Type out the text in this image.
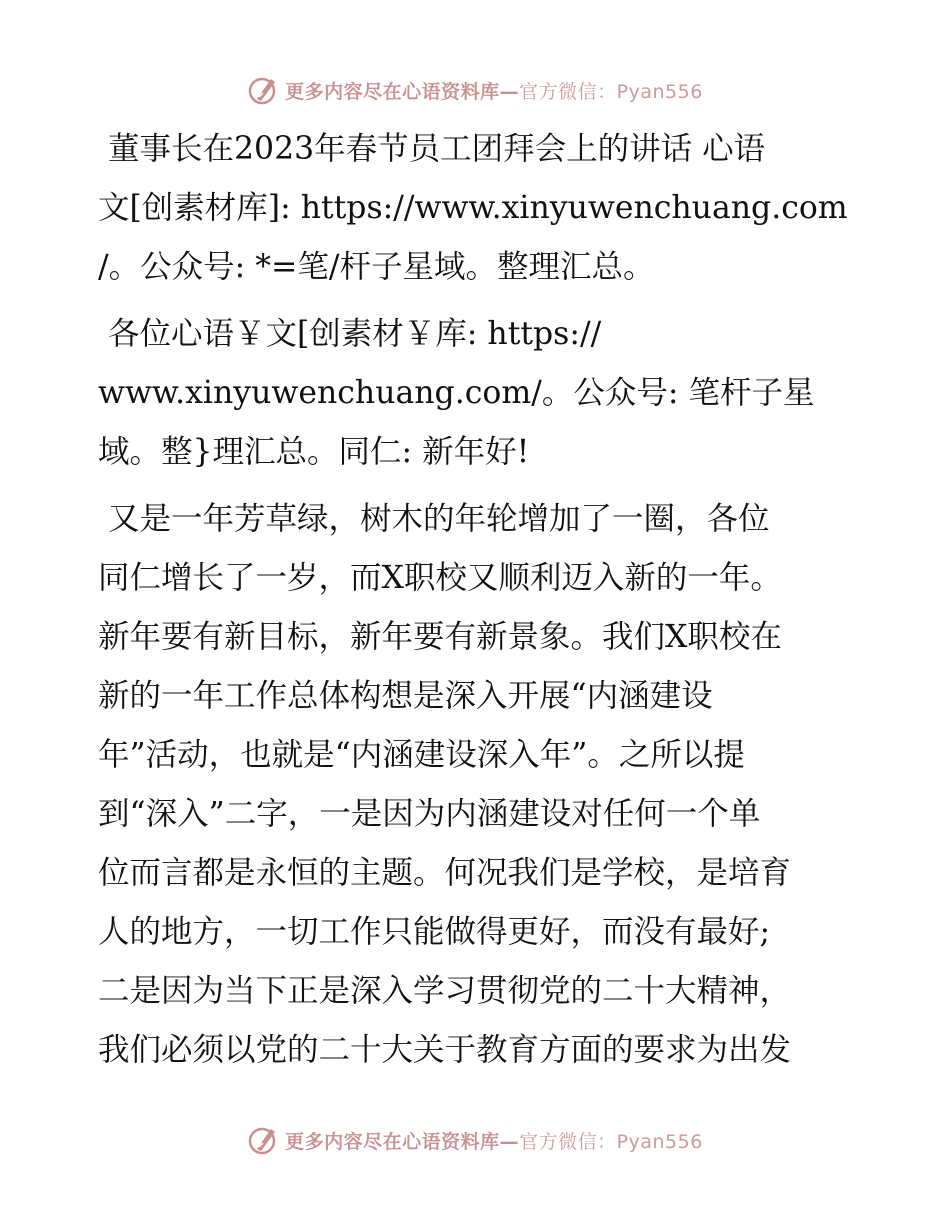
更多内容尽在心语资料库—官方微信：Pyan556
董事长在2023年春节员工团拜会上的讲话 心语
文[创素材库]: https://www.xinyuwenchuang.com
/。公众号: *=笔/杆子星域。整理汇总。
各位心语￥文[创素材￥库: https://
www.xinyuwenchuang.com/。公众号: 笔杆子星
域。整}理汇总。同仁: 新年好!
又是一年芳草绿，树木的年轮增加了一圈，各位
同仁增长了一岁，而X职校又顺利迈入新的一年。
新年要有新目标，新年要有新景象。我们X职校在
新的一年工作总体构想是深入开展“内涵建设
年”活动，也就是“内涵建设深入年”。之所以提
到“深入”二字，一是因为内涵建设对任何一个单
位而言都是永恒的主题。何况我们是学校，是培育
人的地方，一切工作只能做得更好，而没有最好;
二是因为当下正是深入学习贯彻党的二十大精神，
我们必须以党的二十大关于教育方面的要求为出发
更多内容尽在心语资料库—官方微信：Pyan556
